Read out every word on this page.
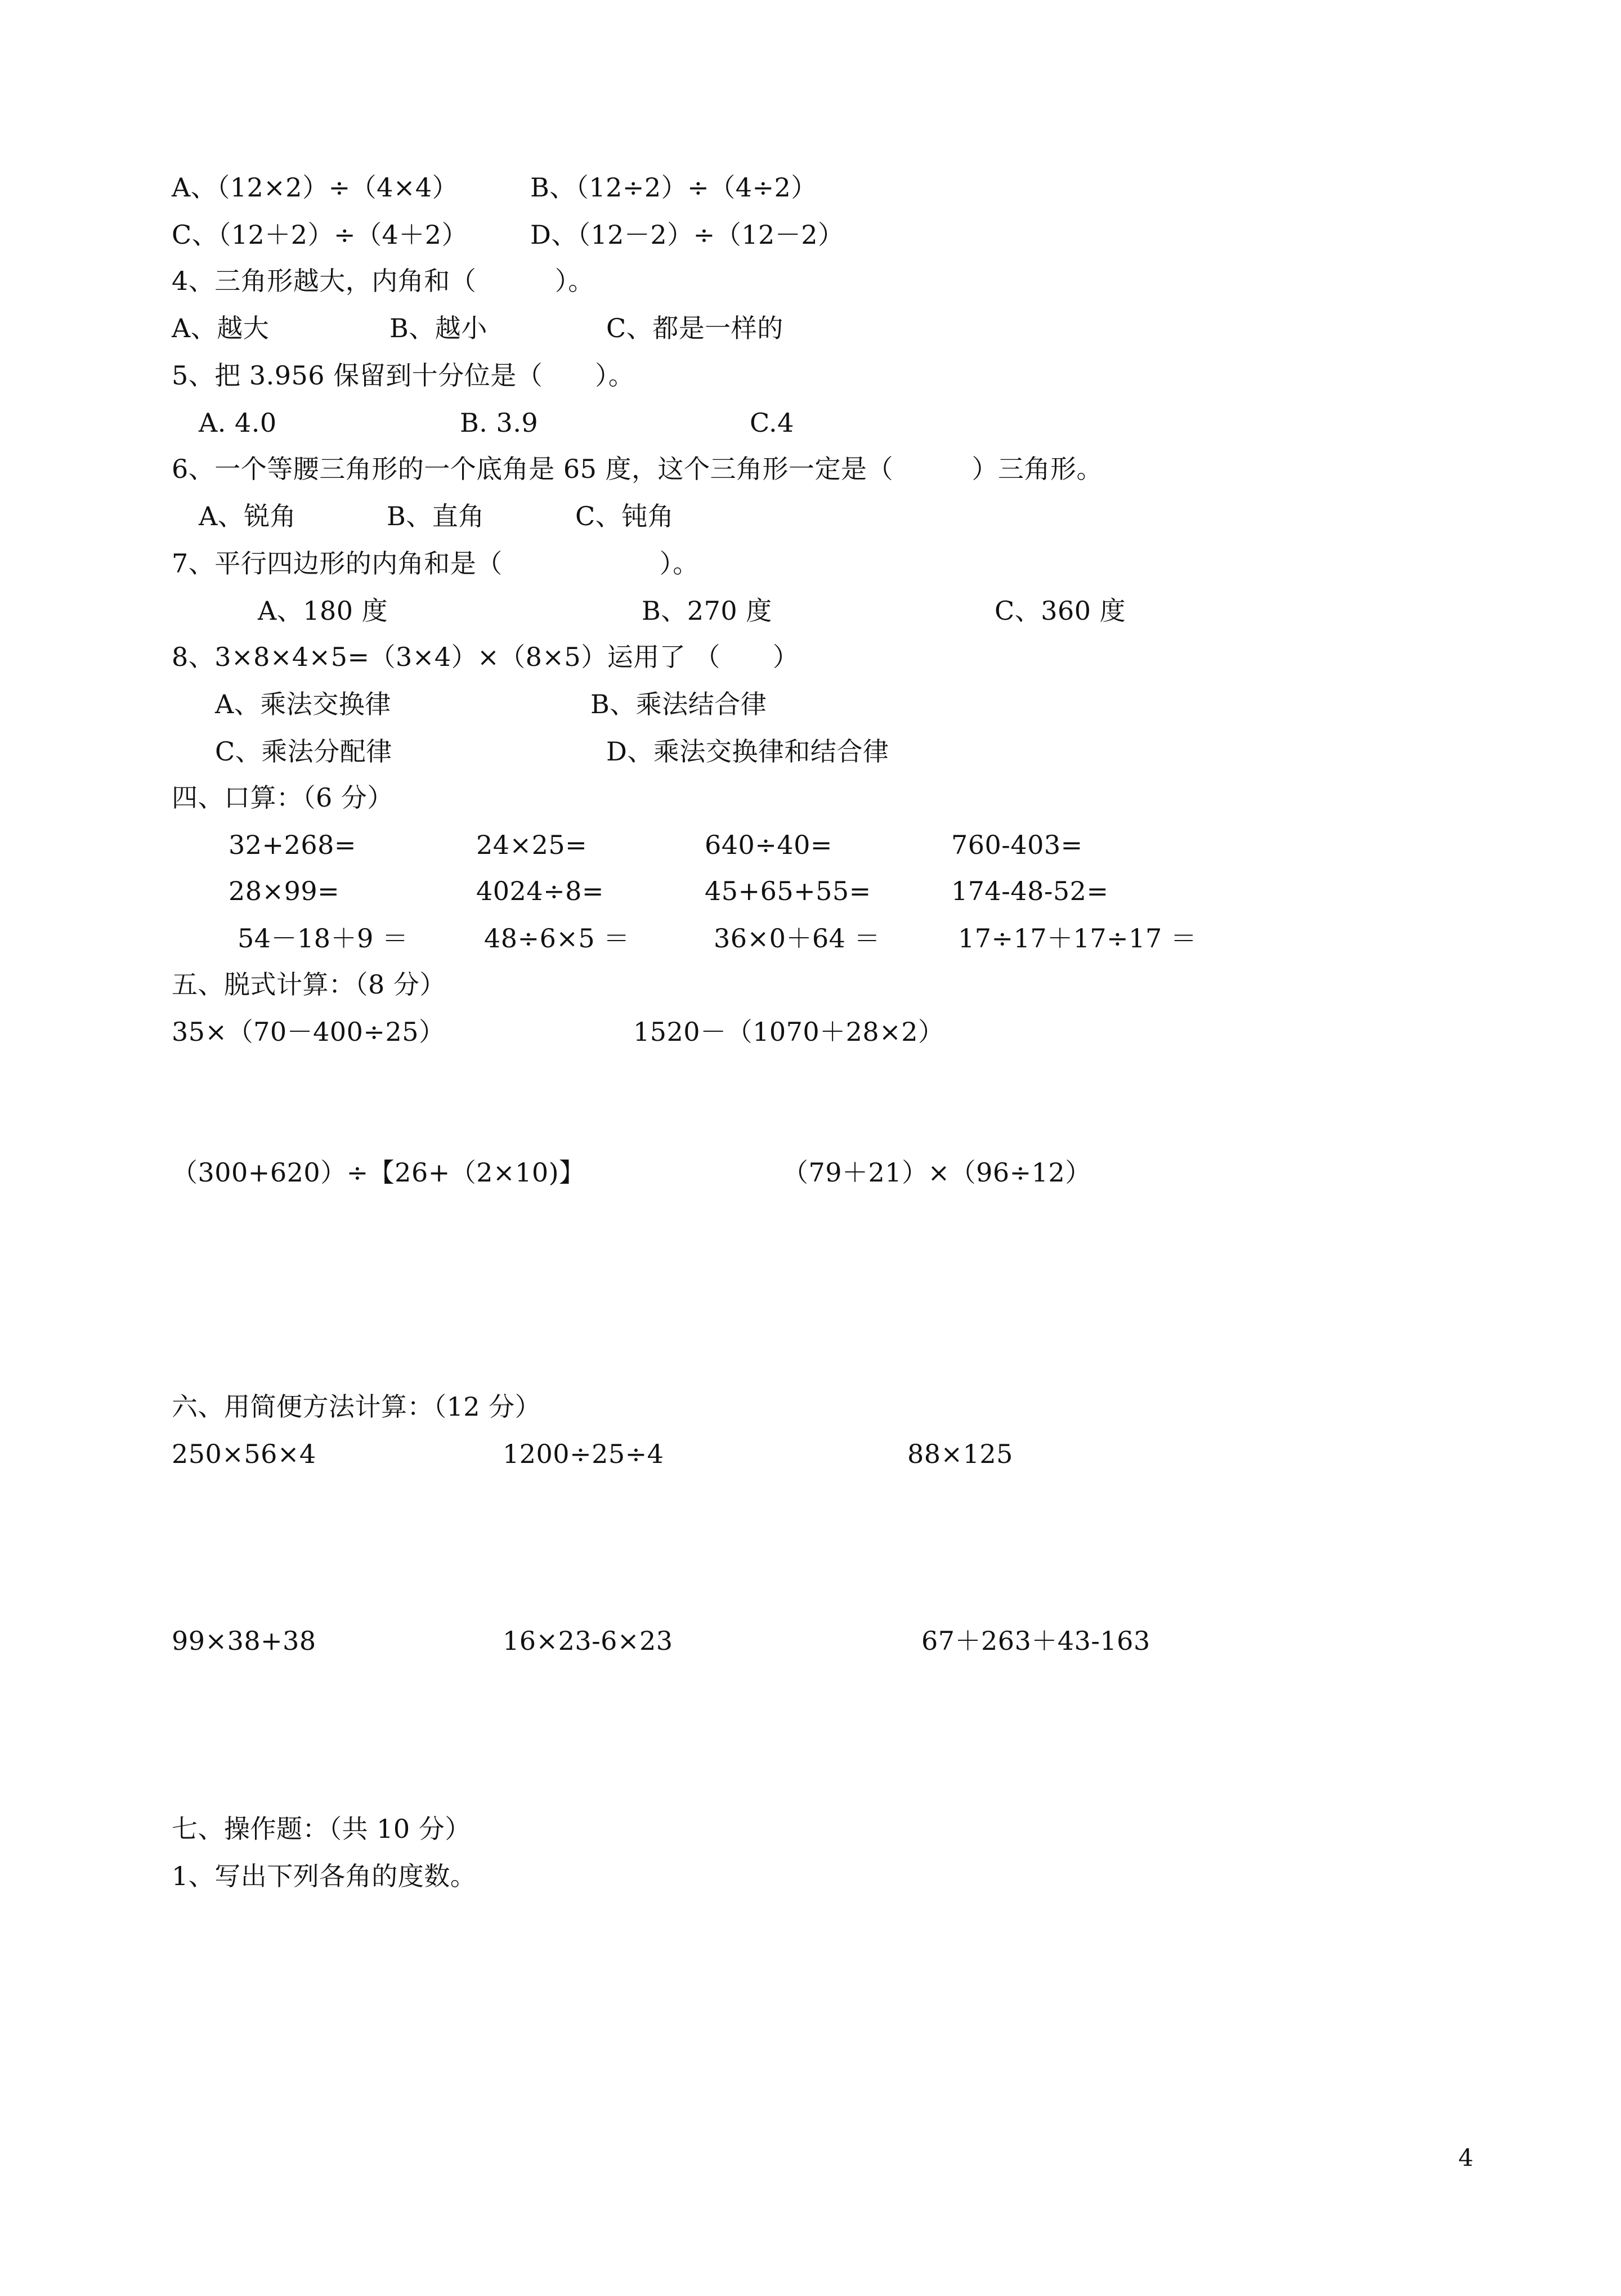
A、（12×2）÷（4×4）	B、（12÷2）÷（4÷2）
C、（12＋2）÷（4＋2） D、（12－2）÷（12－2）
4、三角形越大，内角和（　　　）。
A、越大	B、越小	C、都是一样的
5、把 3.956 保留到十分位是（　　）。
A. 4.0	B. 3.9	C.4
6、一个等腰三角形的一个底角是 65 度，这个三角形一定是（　　　）三角形。
A、锐角	B、直角	C、钝角
7、平行四边形的内角和是（　　　　　　）。
A、180 度	B、270 度	C、360 度
8、3×8×4×5=（3×4）×（8×5）运用了 （　　）
A、乘法交换律	B、乘法结合律
C、乘法分配律	D、乘法交换律和结合律
四、口算：（6 分）
32+268=	24×25=	640÷40=	760-403=
28×99=	4024÷8=	45+65+55=	174-48-52=
54－18＋9 ＝	48÷6×5 ＝	36×0＋64 ＝	17÷17＋17÷17 ＝
五、脱式计算：（8 分）
35×（70－400÷25）	1520－（1070＋28×2）
（300+620）÷【26+（2×10)】	（79＋21）×（96÷12）
六、用简便方法计算：（12 分）
250×56×4	1200÷25÷4	88×125
99×38+38	16×23-6×23	67＋263＋43-163
七、操作题：（共 10 分）
1、写出下列各角的度数。
4
